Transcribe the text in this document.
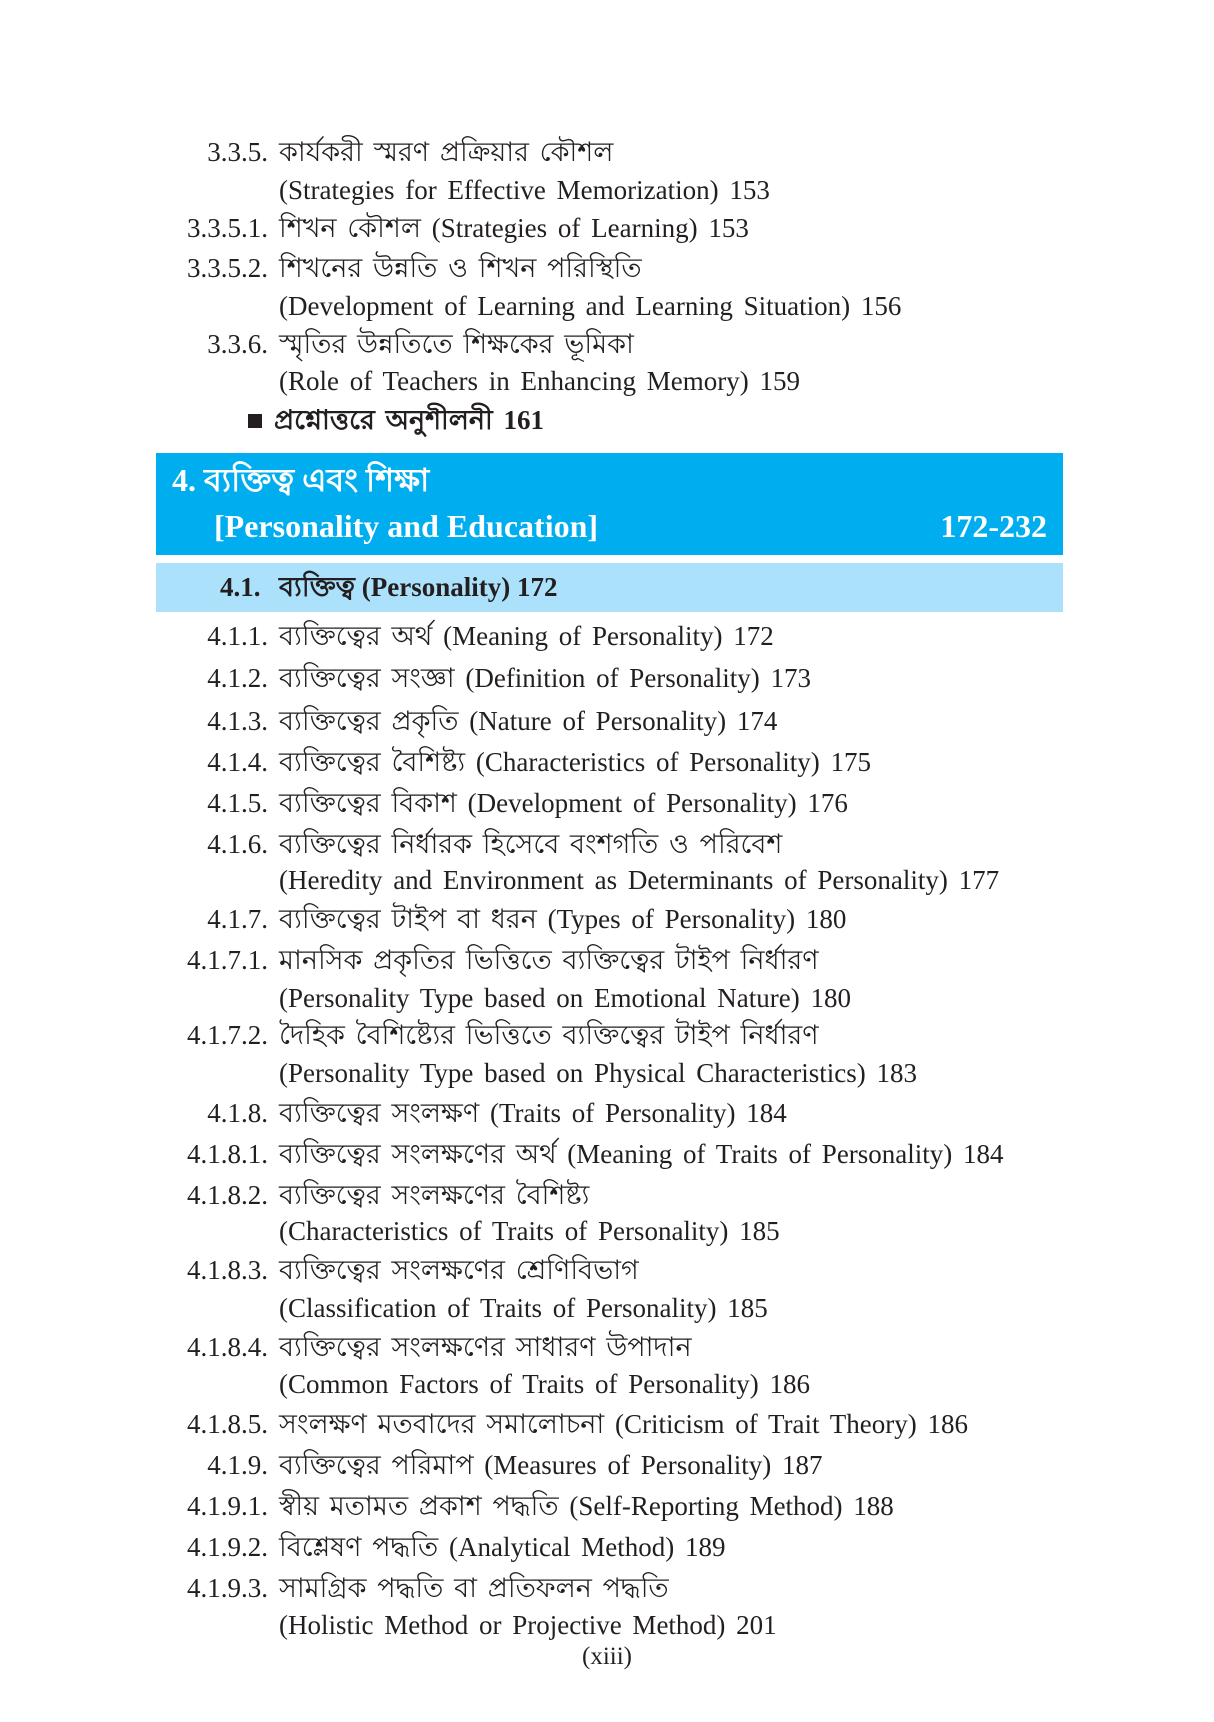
3.3.5. কার্যকরী স্মরণ প্রক্রিয়ার কৌশল
(Strategies for Effective Memorization) 153
3.3.5.1. শিখন কৌশল (Strategies of Learning) 153
3.3.5.2. শিখনের উন্নতি ও শিখন পরিস্থিতি
(Development of Learning and Learning Situation) 156
3.3.6. স্মৃতির উন্নতিতে শিক্ষকের ভূমিকা
(Role of Teachers in Enhancing Memory) 159
প্রশ্নোত্তরে অনুশীলনী 161
4. ব্যক্তিত্ব এবং শিক্ষা
[Personality and Education]	172-232
4.1. ব্যক্তিত্ব (Personality) 172
4.1.1. ব্যক্তিত্বের অর্থ (Meaning of Personality) 172
4.1.2. ব্যক্তিত্বের সংজ্ঞা (Definition of Personality) 173
4.1.3. ব্যক্তিত্বের প্রকৃতি (Nature of Personality) 174
4.1.4. ব্যক্তিত্বের বৈশিষ্ট্য (Characteristics of Personality) 175
4.1.5. ব্যক্তিত্বের বিকাশ (Development of Personality) 176
4.1.6. ব্যক্তিত্বের নির্ধারক হিসেবে বংশগতি ও পরিবেশ
(Heredity and Environment as Determinants of Personality) 177
4.1.7. ব্যক্তিত্বের টাইপ বা ধরন (Types of Personality) 180
4.1.7.1. মানসিক প্রকৃতির ভিত্তিতে ব্যক্তিত্বের টাইপ নির্ধারণ
(Personality Type based on Emotional Nature) 180
4.1.7.2. দৈহিক বৈশিষ্ট্যের ভিত্তিতে ব্যক্তিত্বের টাইপ নির্ধারণ
(Personality Type based on Physical Characteristics) 183
4.1.8. ব্যক্তিত্বের সংলক্ষণ (Traits of Personality) 184
4.1.8.1. ব্যক্তিত্বের সংলক্ষণের অর্থ (Meaning of Traits of Personality) 184
4.1.8.2. ব্যক্তিত্বের সংলক্ষণের বৈশিষ্ট্য
(Characteristics of Traits of Personality) 185
4.1.8.3. ব্যক্তিত্বের সংলক্ষণের শ্রেণিবিভাগ
(Classification of Traits of Personality) 185
4.1.8.4. ব্যক্তিত্বের সংলক্ষণের সাধারণ উপাদান
(Common Factors of Traits of Personality) 186
4.1.8.5. সংলক্ষণ মতবাদের সমালোচনা (Criticism of Trait Theory) 186
4.1.9. ব্যক্তিত্বের পরিমাপ (Measures of Personality) 187
4.1.9.1. স্বীয় মতামত প্রকাশ পদ্ধতি (Self-Reporting Method) 188
4.1.9.2. বিশ্লেষণ পদ্ধতি (Analytical Method) 189
4.1.9.3. সামগ্রিক পদ্ধতি বা প্রতিফলন পদ্ধতি
(Holistic Method or Projective Method) 201
(xiii)
